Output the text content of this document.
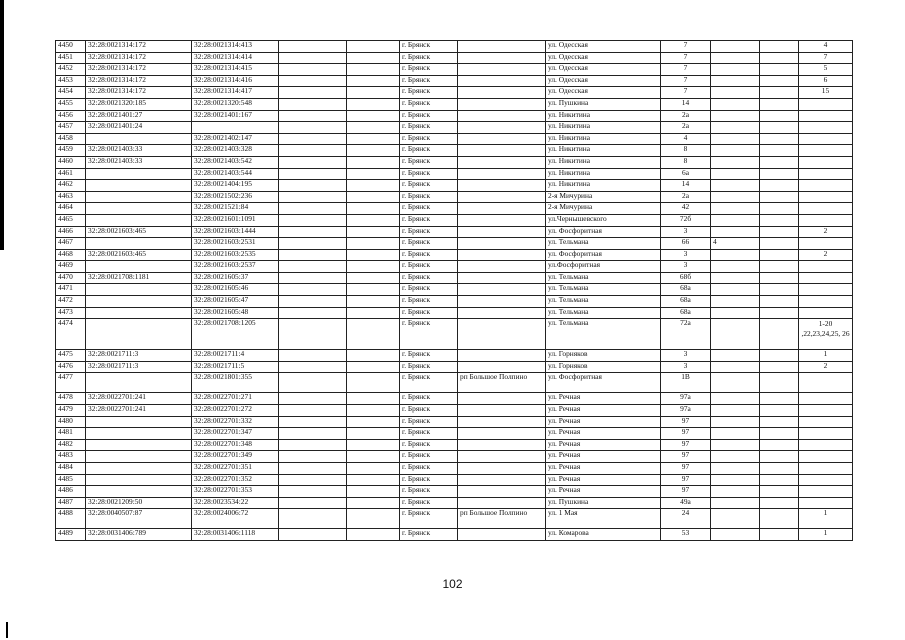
4450	32:28:0021314:172	32:28:0021314:413			г. Брянск		ул. Одесская	7			4
4451	32:28:0021314:172	32:28:0021314:414			г. Брянск		ул. Одесская	7			7
4452	32:28:0021314:172	32:28:0021314:415			г. Брянск		ул. Одесская	7			5
4453	32:28:0021314:172	32:28:0021314:416			г. Брянск		ул. Одесская	7			6
4454	32:28:0021314:172	32:28:0021314:417			г. Брянск		ул. Одесская	7			15
4455	32:28:0021320:185	32:28:0021320:548			г. Брянск		ул. Пушкина	14			
4456	32:28:0021401:27	32:28:0021401:167			г. Брянск		ул. Никитина	2а			
4457	32:28:0021401:24				г. Брянск		ул. Никитина	2а			
4458		32:28:0021402:147			г. Брянск		ул. Никитина	4			
4459	32:28:0021403:33	32:28:0021403:328			г. Брянск		ул. Никитина	8			
4460	32:28:0021403:33	32:28:0021403:542			г. Брянск		ул. Никитина	8			
4461		32:28:0021403:544			г. Брянск		ул. Никитина	6а			
4462		32:28:0021404:195			г. Брянск		ул. Никитина	14			
4463		32:28:0021502:236			г. Брянск		2-я Мичурина	2а			
4464		32:28:0021521:84			г. Брянск		2-я Мичурина	42			
4465		32:28:0021601:1091			г. Брянск		ул.Чернышевского	72б			
4466	32:28:0021603:465	32:28:0021603:1444			г. Брянск		ул. Фосфоритная	3			2
4467		32:28:0021603:2531			г. Брянск		ул. Тельмана	66	4		
4468	32:28:0021603:465	32:28:0021603:2535			г. Брянск		ул. Фосфоритная	3			2
4469		32:28:0021603:2537			г. Брянск		ул.Фосфоритная	3			
4470	32:28:0021708:1181	32:28:0021605:37			г. Брянск		ул. Тельмана	68б			
4471		32:28:0021605:46			г. Брянск		ул. Тельмана	68а			
4472		32:28:0021605:47			г. Брянск		ул. Тельмана	68а			
4473		32:28:0021605:48			г. Брянск		ул. Тельмана	68а			
4474		32:28:0021708:1205			г. Брянск		ул. Тельмана	72а			1-20 ,22,23,24,25, 26
4475	32:28:0021711:3	32:28:0021711:4			г. Брянск		ул. Горняков	3			1
4476	32:28:0021711:3	32:28:0021711:5			г. Брянск		ул. Горняков	3			2
4477		32:28:0021801:355			г. Брянск	рп Большое Полпино	ул. Фосфоритная	1В			
4478	32:28:0022701:241	32:28:0022701:271			г. Брянск		ул. Речная	97а			
4479	32:28:0022701:241	32:28:0022701:272			г. Брянск		ул. Речная	97а			
4480		32:28:0022701:332			г. Брянск		ул. Речная	97			
4481		32:28:0022701:347			г. Брянск		ул. Речная	97			
4482		32:28:0022701:348			г. Брянск		ул. Речная	97			
4483		32:28:0022701:349			г. Брянск		ул. Речная	97			
4484		32:28:0022701:351			г. Брянск		ул. Речная	97			
4485		32:28:0022701:352			г. Брянск		ул. Речная	97			
4486		32:28:0022701:353			г. Брянск		ул. Речная	97			
4487	32:28:0021209:50	32:28:0023534:22			г. Брянск		ул. Пушкина	49а			
4488	32:28:0040507:87	32:28:0024006:72			г. Брянск	рп Большое Полпино	ул. 1 Мая	24			1
4489	32:28:0031406:789	32:28:0031406:1118			г. Брянск		ул. Комарова	53			1
102
